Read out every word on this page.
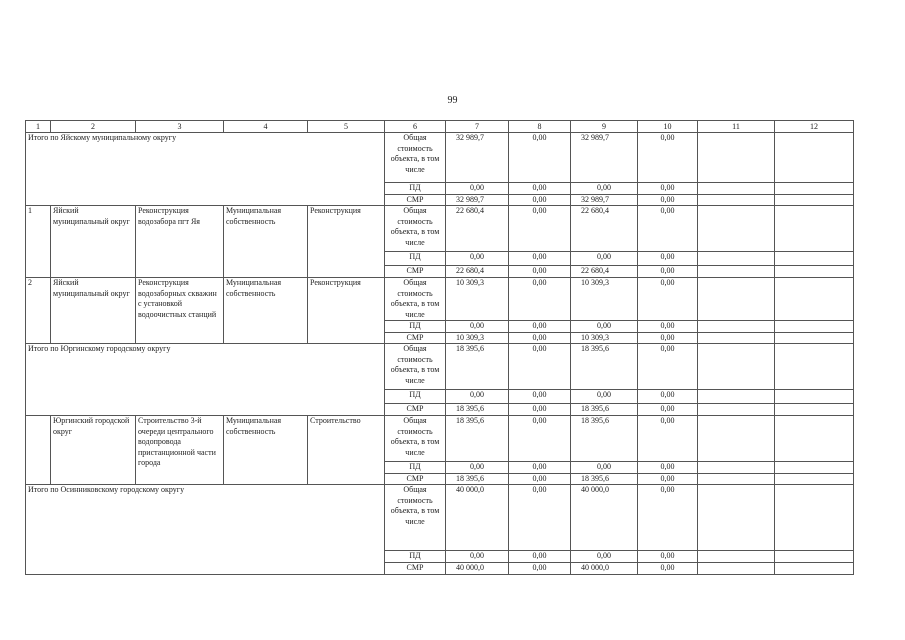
99
1	2	3	4	5	6	7	8	9	10	11	12
Итого по Яйскому муниципальному округу					Общая стоимость объекта, в том числе	32 989,7	0,00	32 989,7	0,00		
					ПД	0,00	0,00	0,00	0,00		
					СМР	32 989,7	0,00	32 989,7	0,00		
1	Яйский муниципальный округ	Реконструкция водозабора пгт Яя	Муниципальная собственность	Реконструкция	Общая стоимость объекта, в том числе	22 680,4	0,00	22 680,4	0,00		
					ПД	0,00	0,00	0,00	0,00		
					СМР	22 680,4	0,00	22 680,4	0,00		
2	Яйский муниципальный округ	Реконструкция водозаборных скважин с установкой водоочистных станций	Муниципальная собственность	Реконструкция	Общая стоимость объекта, в том числе	10 309,3	0,00	10 309,3	0,00		
					ПД	0,00	0,00	0,00	0,00		
					СМР	10 309,3	0,00	10 309,3	0,00		
Итого по Юргинскому городскому округу					Общая стоимость объекта, в том числе	18 395,6	0,00	18 395,6	0,00		
					ПД	0,00	0,00	0,00	0,00		
					СМР	18 395,6	0,00	18 395,6	0,00		
	Юргинский городской округ	Строительство 3-й очереди центрального водопровода пристанционной части города	Муниципальная собственность	Строительство	Общая стоимость объекта, в том числе	18 395,6	0,00	18 395,6	0,00		
					ПД	0,00	0,00	0,00	0,00		
					СМР	18 395,6	0,00	18 395,6	0,00		
Итого по Осинниковскому городскому округу					Общая стоимость объекта, в том числе	40 000,0	0,00	40 000,0	0,00		
					ПД	0,00	0,00	0,00	0,00		
					СМР	40 000,0	0,00	40 000,0	0,00		
